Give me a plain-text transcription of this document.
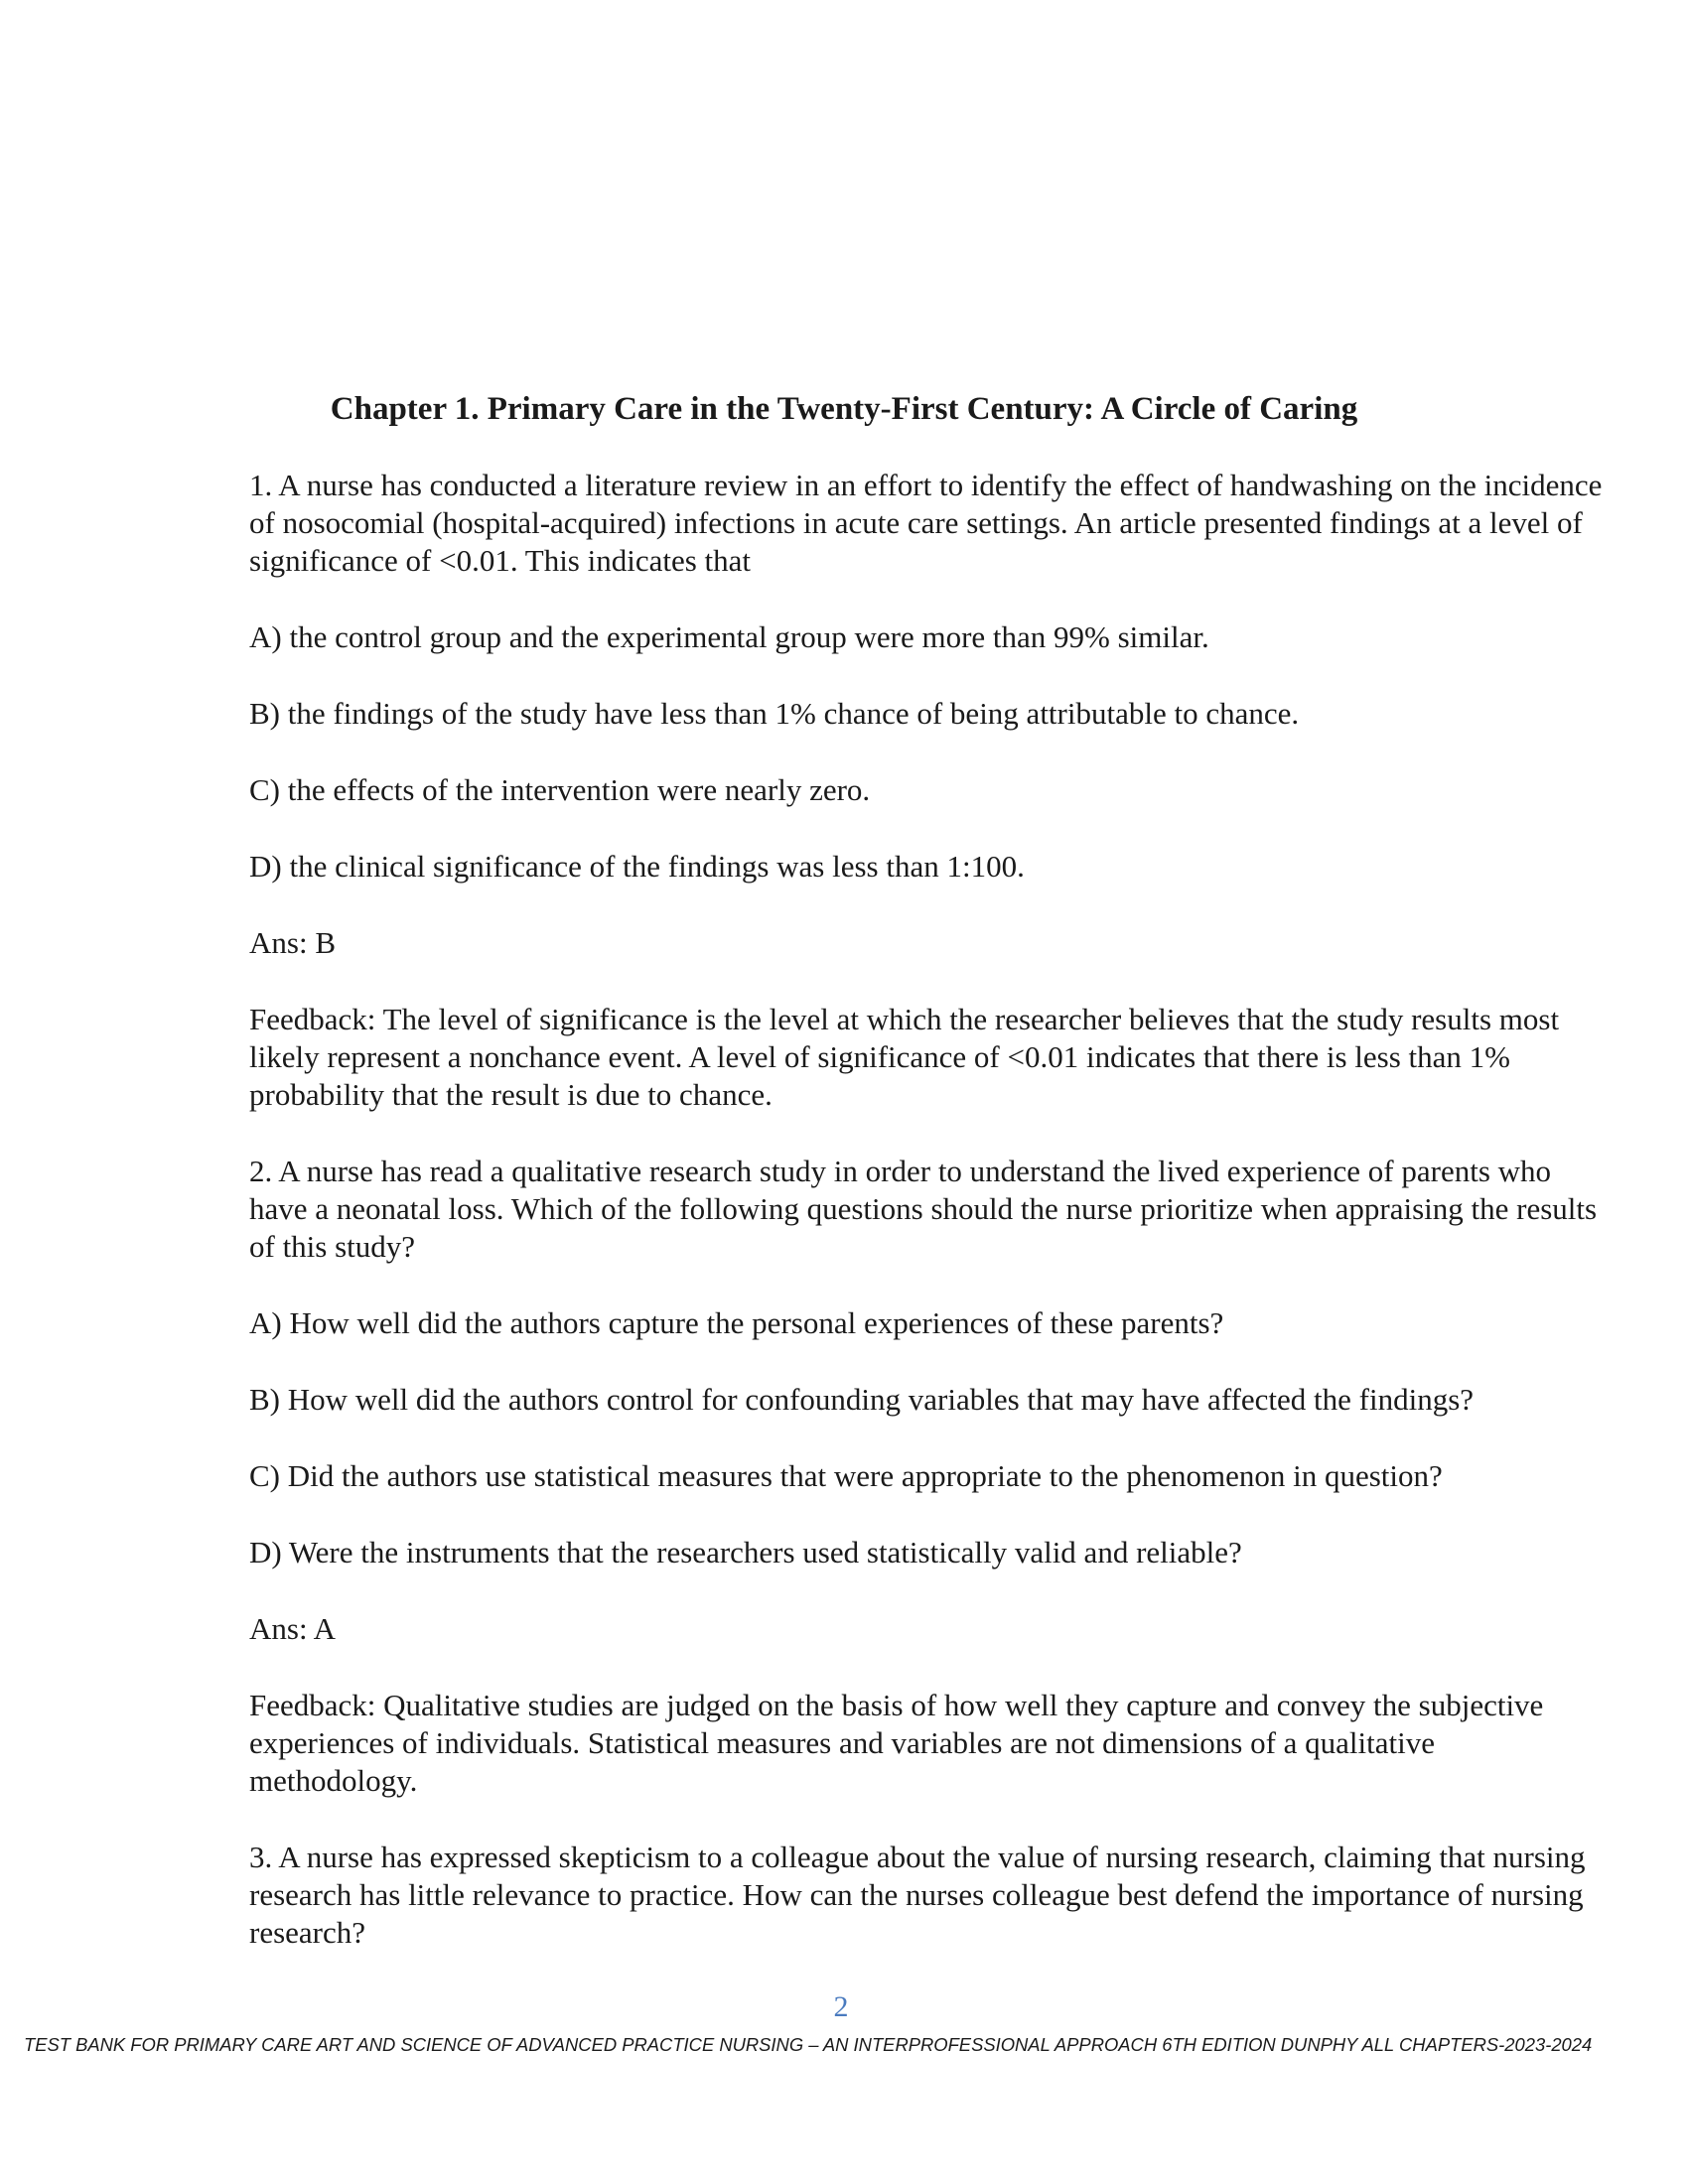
Chapter 1. Primary Care in the Twenty-First Century: A Circle of Caring

1. A nurse has conducted a literature review in an effort to identify the effect of handwashing on the incidence of nosocomial (hospital-acquired) infections in acute care settings. An article presented findings at a level of significance of <0.01. This indicates that

A) the control group and the experimental group were more than 99% similar.

B) the findings of the study have less than 1% chance of being attributable to chance.

C) the effects of the intervention were nearly zero.

D) the clinical significance of the findings was less than 1:100.

Ans: B

Feedback: The level of significance is the level at which the researcher believes that the study results most likely represent a nonchance event. A level of significance of <0.01 indicates that there is less than 1% probability that the result is due to chance.

2. A nurse has read a qualitative research study in order to understand the lived experience of parents who have a neonatal loss. Which of the following questions should the nurse prioritize when appraising the results of this study?

A) How well did the authors capture the personal experiences of these parents?

B) How well did the authors control for confounding variables that may have affected the findings?

C) Did the authors use statistical measures that were appropriate to the phenomenon in question?

D) Were the instruments that the researchers used statistically valid and reliable?

Ans: A

Feedback: Qualitative studies are judged on the basis of how well they capture and convey the subjective experiences of individuals. Statistical measures and variables are not dimensions of a qualitative methodology.

3. A nurse has expressed skepticism to a colleague about the value of nursing research, claiming that nursing research has little relevance to practice. How can the nurses colleague best defend the importance of nursing research?

2
TEST BANK FOR PRIMARY CARE ART AND SCIENCE OF ADVANCED PRACTICE NURSING – AN INTERPROFESSIONAL APPROACH 6TH EDITION DUNPHY ALL CHAPTERS-2023-2024
